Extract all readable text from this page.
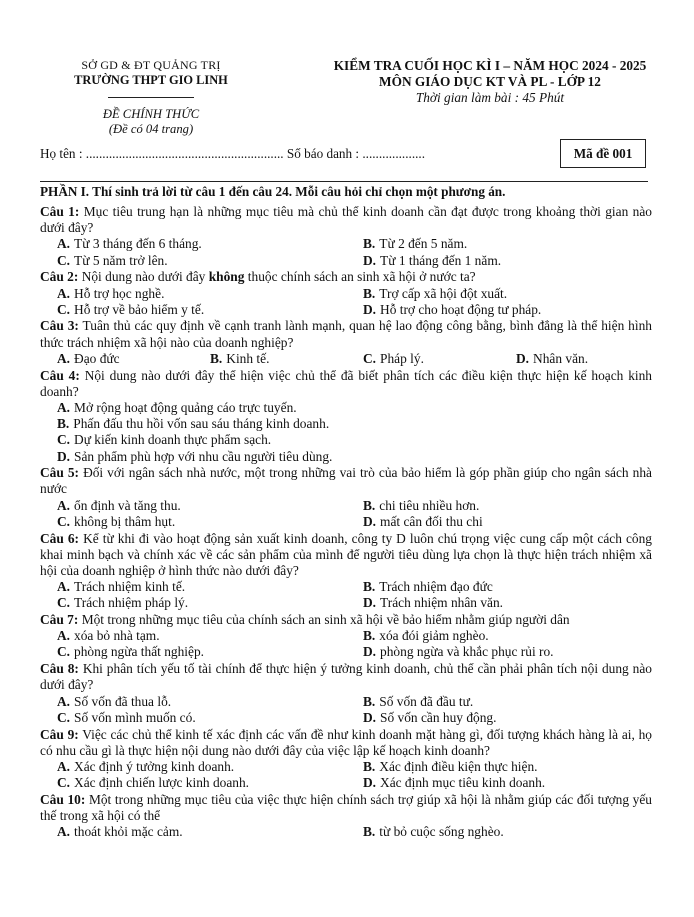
SỞ GD & ĐT QUẢNG TRỊ
TRƯỜNG THPT GIO LINH
ĐỀ CHÍNH THỨC
(Đề có 04 trang)
KIỂM TRA CUỐI HỌC KÌ I – NĂM HỌC 2024 - 2025
MÔN GIÁO DỤC KT VÀ PL - LỚP 12
Thời gian làm bài : 45 Phút
Họ tên : ............................................................ Số báo danh : ...................	Mã đề 001
PHẦN I. Thí sinh trả lời từ câu 1 đến câu 24. Mỗi câu hỏi chỉ chọn một phương án.
Câu 1: Mục tiêu trung hạn là những mục tiêu mà chủ thể kinh doanh cần đạt được trong khoảng thời gian nào dưới đây?
A. Từ 3 tháng đến 6 tháng.	B. Từ 2 đến 5 năm.
C. Từ 5 năm trở lên.	D. Từ 1 tháng đến 1 năm.
Câu 2: Nội dung nào dưới đây không thuộc chính sách an sinh xã hội ở nước ta?
A. Hỗ trợ học nghề.	B. Trợ cấp xã hội đột xuất.
C. Hỗ trợ về bảo hiểm y tế.	D. Hỗ trợ cho hoạt động tư pháp.
Câu 3: Tuân thủ các quy định về cạnh tranh lành mạnh, quan hệ lao động công bằng, bình đẳng là thể hiện hình thức trách nhiệm xã hội nào của doanh nghiệp?
A. Đạo đức	B. Kinh tế.	C. Pháp lý.	D. Nhân văn.
Câu 4: Nội dung nào dưới đây thể hiện việc chủ thể đã biết phân tích các điều kiện thực hiện kế hoạch kinh doanh?
A. Mở rộng hoạt động quảng cáo trực tuyến.
B. Phấn đấu thu hồi vốn sau sáu tháng kinh doanh.
C. Dự kiến kinh doanh thực phẩm sạch.
D. Sản phẩm phù hợp với nhu cầu người tiêu dùng.
Câu 5: Đối với ngân sách nhà nước, một trong những vai trò của bảo hiểm là góp phần giúp cho ngân sách nhà nước
A. ổn định và tăng thu.	B. chi tiêu nhiều hơn.
C. không bị thâm hụt.	D. mất cân đối thu chi
Câu 6: Kể từ khi đi vào hoạt động sản xuất kinh doanh, công ty D luôn chú trọng việc cung cấp một cách công khai minh bạch và chính xác về các sản phẩm của mình để người tiêu dùng lựa chọn là thực hiện trách nhiệm xã hội của doanh nghiệp ở hình thức nào dưới đây?
A. Trách nhiệm kinh tế.	B. Trách nhiệm đạo đức
C. Trách nhiệm pháp lý.	D. Trách nhiệm nhân văn.
Câu 7: Một trong những mục tiêu của chính sách an sinh xã hội về bảo hiểm nhằm giúp người dân
A. xóa bỏ nhà tạm.	B. xóa đói giảm nghèo.
C. phòng ngừa thất nghiệp.	D. phòng ngừa và khắc phục rủi ro.
Câu 8: Khi phân tích yếu tố tài chính để thực hiện ý tưởng kinh doanh, chủ thể cần phải phân tích nội dung nào dưới đây?
A. Số vốn đã thua lỗ.	B. Số vốn đã đầu tư.
C. Số vốn mình muốn có.	D. Số vốn cần huy động.
Câu 9: Việc các chủ thể kinh tế xác định các vấn đề như kinh doanh mặt hàng gì, đối tượng khách hàng là ai, họ có nhu cầu gì là thực hiện nội dung nào dưới đây của việc lập kế hoạch kinh doanh?
A. Xác định ý tưởng kinh doanh.	B. Xác định điều kiện thực hiện.
C. Xác định chiến lược kinh doanh.	D. Xác định mục tiêu kinh doanh.
Câu 10: Một trong những mục tiêu của việc thực hiện chính sách trợ giúp xã hội là nhằm giúp các đối tượng yếu thế trong xã hội có thể
A. thoát khỏi mặc cảm.	B. từ bỏ cuộc sống nghèo.
